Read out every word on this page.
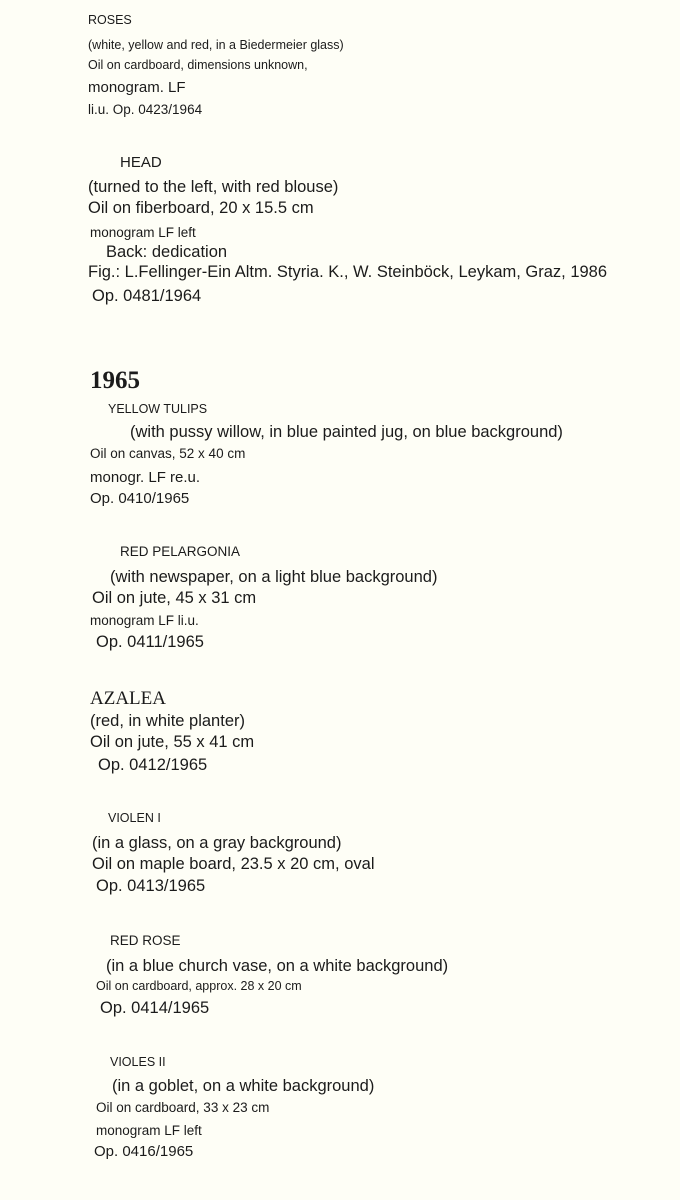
ROSES
(white, yellow and red, in a Biedermeier glass)
Oil on cardboard, dimensions unknown,
monogram. LF
li.u. Op. 0423/1964
HEAD
(turned to the left, with red blouse)
Oil on fiberboard, 20 x 15.5 cm
monogram LF left
Back: dedication
Fig.: L.Fellinger-Ein Altm. Styria. K., W. Steinböck, Leykam, Graz, 1986
Op. 0481/1964
1965
YELLOW TULIPS
(with pussy willow, in blue painted jug, on blue background)
Oil on canvas, 52 x 40 cm
monogr. LF re.u.
Op. 0410/1965
RED PELARGONIA
(with newspaper, on a light blue background)
Oil on jute, 45 x 31 cm
monogram LF li.u.
Op. 0411/1965
AZALEA
(red, in white planter)
Oil on jute, 55 x 41 cm
Op. 0412/1965
VIOLEN I
(in a glass, on a gray background)
Oil on maple board, 23.5 x 20 cm, oval
Op. 0413/1965
RED ROSE
(in a blue church vase, on a white background)
Oil on cardboard, approx. 28 x 20 cm
Op. 0414/1965
VIOLES II
(in a goblet, on a white background)
Oil on cardboard, 33 x 23 cm
monogram LF left
Op. 0416/1965
